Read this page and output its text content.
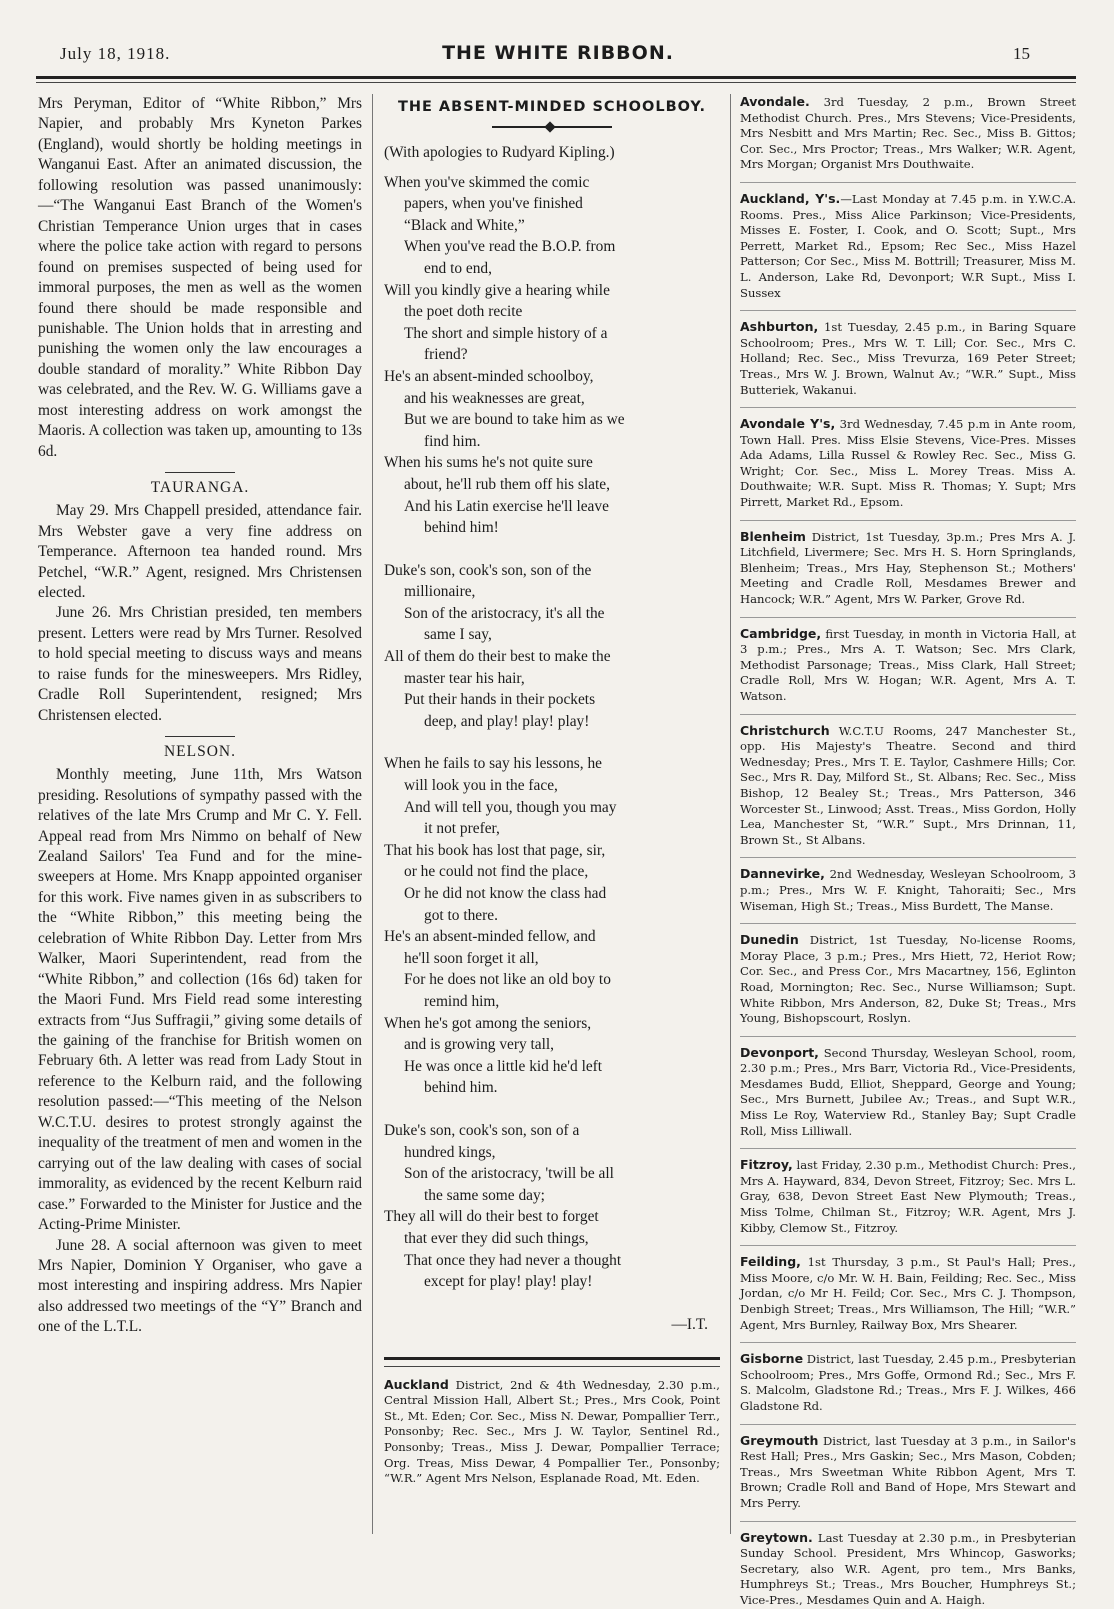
July 18, 1918.	THE WHITE RIBBON.	15

Mrs Peryman, Editor of “White Ribbon,” Mrs Napier, and probably Mrs Kyneton Parkes (England), would shortly be holding meetings in Wanganui East. After an animated discussion, the following resolution was passed unanimously:—“The Wanganui East Branch of the Women's Christian Temperance Union urges that in cases where the police take action with regard to persons found on premises suspected of being used for immoral purposes, the men as well as the women found there should be made responsible and punishable. The Union holds that in arresting and punishing the women only the law encourages a double standard of morality.” White Ribbon Day was celebrated, and the Rev. W. G. Williams gave a most interesting address on work amongst the Maoris. A collection was taken up, amounting to 13s 6d.

TAURANGA.

May 29. Mrs Chappell presided, attendance fair. Mrs Webster gave a very fine address on Temperance. Afternoon tea handed round. Mrs Petchel, “W.R.” Agent, resigned. Mrs Christensen elected.

June 26. Mrs Christian presided, ten members present. Letters were read by Mrs Turner. Resolved to hold special meeting to discuss ways and means to raise funds for the minesweepers. Mrs Ridley, Cradle Roll Superintendent, resigned; Mrs Christensen elected.

NELSON.

Monthly meeting, June 11th, Mrs Watson presiding. Resolutions of sympathy passed with the relatives of the late Mrs Crump and Mr C. Y. Fell. Appeal read from Mrs Nimmo on behalf of New Zealand Sailors' Tea Fund and for the mine-sweepers at Home. Mrs Knapp appointed organiser for this work. Five names given in as subscribers to the “White Ribbon,” this meeting being the celebration of White Ribbon Day. Letter from Mrs Walker, Maori Superintendent, read from the “White Ribbon,” and collection (16s 6d) taken for the Maori Fund. Mrs Field read some interesting extracts from “Jus Suffragii,” giving some details of the gaining of the franchise for British women on February 6th. A letter was read from Lady Stout in reference to the Kelburn raid, and the following resolution passed:—“This meeting of the Nelson W.C.T.U. desires to protest strongly against the inequality of the treatment of men and women in the carrying out of the law dealing with cases of social immorality, as evidenced by the recent Kelburn raid case.” Forwarded to the Minister for Justice and the Acting-Prime Minister.

June 28. A social afternoon was given to meet Mrs Napier, Dominion Y Organiser, who gave a most interesting and inspiring address. Mrs Napier also addressed two meetings of the “Y” Branch and one of the L.T.L.

THE ABSENT-MINDED SCHOOLBOY.
(With apologies to Rudyard Kipling.)
When you've skimmed the comic
papers, when you've finished
“Black and White,”
When you've read the B.O.P. from
end to end,
Will you kindly give a hearing while
the poet doth recite
The short and simple history of a
friend?
He's an absent-minded schoolboy,
and his weaknesses are great,
But we are bound to take him as we
find him.
When his sums he's not quite sure
about, he'll rub them off his slate,
And his Latin exercise he'll leave
behind him!
Duke's son, cook's son, son of the
millionaire,
Son of the aristocracy, it's all the
same I say,
All of them do their best to make the
master tear his hair,
Put their hands in their pockets
deep, and play! play! play!
When he fails to say his lessons, he
will look you in the face,
And will tell you, though you may
it not prefer,
That his book has lost that page, sir,
or he could not find the place,
Or he did not know the class had
got to there.
He's an absent-minded fellow, and
he'll soon forget it all,
For he does not like an old boy to
remind him,
When he's got among the seniors,
and is growing very tall,
He was once a little kid he'd left
behind him.
Duke's son, cook's son, son of a
hundred kings,
Son of the aristocracy, 'twill be all
the same some day;
They all will do their best to forget
that ever they did such things,
That once they had never a thought
except for play! play! play!
—I.T.

Auckland District, 2nd & 4th Wednesday, 2.30 p.m., Central Mission Hall, Albert St.; Pres., Mrs Cook, Point St., Mt. Eden; Cor. Sec., Miss N. Dewar, Pompallier Terr., Ponsonby; Rec. Sec., Mrs J. W. Taylor, Sentinel Rd., Ponsonby; Treas., Miss J. Dewar, Pompallier Terrace; Org. Treas, Miss Dewar, 4 Pompallier Ter., Ponsonby; “W.R.” Agent Mrs Nelson, Esplanade Road, Mt. Eden.

Avondale. 3rd Tuesday, 2 p.m., Brown Street Methodist Church. Pres., Mrs Stevens; Vice-Presidents, Mrs Nesbitt and Mrs Martin; Rec. Sec., Miss B. Gittos; Cor. Sec., Mrs Proctor; Treas., Mrs Walker; W.R. Agent, Mrs Morgan; Organist Mrs Douthwaite.

Auckland, Y's.—Last Monday at 7.45 p.m. in Y.W.C.A. Rooms. Pres., Miss Alice Parkinson; Vice-Presidents, Misses E. Foster, I. Cook, and O. Scott; Supt., Mrs Perrett, Market Rd., Epsom; Rec Sec., Miss Hazel Patterson; Cor Sec., Miss M. Bottrill; Treasurer, Miss M. L. Anderson, Lake Rd, Devonport; W.R Supt., Miss I. Sussex

Ashburton, 1st Tuesday, 2.45 p.m., in Baring Square Schoolroom; Pres., Mrs W. T. Lill; Cor. Sec., Mrs C. Holland; Rec. Sec., Miss Trevurza, 169 Peter Street; Treas., Mrs W. J. Brown, Walnut Av.; “W.R.” Supt., Miss Butteriek, Wakanui.

Avondale Y's, 3rd Wednesday, 7.45 p.m in Ante room, Town Hall. Pres. Miss Elsie Stevens, Vice-Pres. Misses Ada Adams, Lilla Russel & Rowley Rec. Sec., Miss G. Wright; Cor. Sec., Miss L. Morey Treas. Miss A. Douthwaite; W.R. Supt. Miss R. Thomas; Y. Supt; Mrs Pirrett, Market Rd., Epsom.

Blenheim District, 1st Tuesday, 3p.m.; Pres Mrs A. J. Litchfield, Livermere; Sec. Mrs H. S. Horn Springlands, Blenheim; Treas., Mrs Hay, Stephenson St.; Mothers' Meeting and Cradle Roll, Mesdames Brewer and Hancock; W.R.” Agent, Mrs W. Parker, Grove Rd.

Cambridge, first Tuesday, in month in Victoria Hall, at 3 p.m.; Pres., Mrs A. T. Watson; Sec. Mrs Clark, Methodist Parsonage; Treas., Miss Clark, Hall Street; Cradle Roll, Mrs W. Hogan; W.R. Agent, Mrs A. T. Watson.

Christchurch W.C.T.U Rooms, 247 Manchester St., opp. His Majesty's Theatre. Second and third Wednesday; Pres., Mrs T. E. Taylor, Cashmere Hills; Cor. Sec., Mrs R. Day, Milford St., St. Albans; Rec. Sec., Miss Bishop, 12 Bealey St.; Treas., Mrs Patterson, 346 Worcester St., Linwood; Asst. Treas., Miss Gordon, Holly Lea, Manchester St, “W.R.” Supt., Mrs Drinnan, 11, Brown St., St Albans.

Dannevirke, 2nd Wednesday, Wesleyan Schoolroom, 3 p.m.; Pres., Mrs W. F. Knight, Tahoraiti; Sec., Mrs Wiseman, High St.; Treas., Miss Burdett, The Manse.

Dunedin District, 1st Tuesday, No-license Rooms, Moray Place, 3 p.m.; Pres., Mrs Hiett, 72, Heriot Row; Cor. Sec., and Press Cor., Mrs Macartney, 156, Eglinton Road, Mornington; Rec. Sec., Nurse Williamson; Supt. White Ribbon, Mrs Anderson, 82, Duke St; Treas., Mrs Young, Bishopscourt, Roslyn.

Devonport, Second Thursday, Wesleyan School, room, 2.30 p.m.; Pres., Mrs Barr, Victoria Rd., Vice-Presidents, Mesdames Budd, Elliot, Sheppard, George and Young; Sec., Mrs Burnett, Jubilee Av.; Treas., and Supt W.R., Miss Le Roy, Waterview Rd., Stanley Bay; Supt Cradle Roll, Miss Lilliwall.

Fitzroy, last Friday, 2.30 p.m., Methodist Church: Pres., Mrs A. Hayward, 834, Devon Street, Fitzroy; Sec. Mrs L. Gray, 638, Devon Street East New Plymouth; Treas., Miss Tolme, Chilman St., Fitzroy; W.R. Agent, Mrs J. Kibby, Clemow St., Fitzroy.

Feilding, 1st Thursday, 3 p.m., St Paul's Hall; Pres., Miss Moore, c/o Mr. W. H. Bain, Feilding; Rec. Sec., Miss Jordan, c/o Mr H. Feild; Cor. Sec., Mrs C. J. Thompson, Denbigh Street; Treas., Mrs Williamson, The Hill; “W.R.” Agent, Mrs Burnley, Railway Box, Mrs Shearer.

Gisborne District, last Tuesday, 2.45 p.m., Presbyterian Schoolroom; Pres., Mrs Goffe, Ormond Rd.; Sec., Mrs F. S. Malcolm, Gladstone Rd.; Treas., Mrs F. J. Wilkes, 466 Gladstone Rd.

Greymouth District, last Tuesday at 3 p.m., in Sailor's Rest Hall; Pres., Mrs Gaskin; Sec., Mrs Mason, Cobden; Treas., Mrs Sweetman White Ribbon Agent, Mrs T. Brown; Cradle Roll and Band of Hope, Mrs Stewart and Mrs Perry.

Greytown. Last Tuesday at 2.30 p.m., in Presbyterian Sunday School. President, Mrs Whincop, Gasworks; Secretary, also W.R. Agent, pro tem., Mrs Banks, Humphreys St.; Treas., Mrs Boucher, Humphreys St.; Vice-Pres., Mesdames Quin and A. Haigh.
